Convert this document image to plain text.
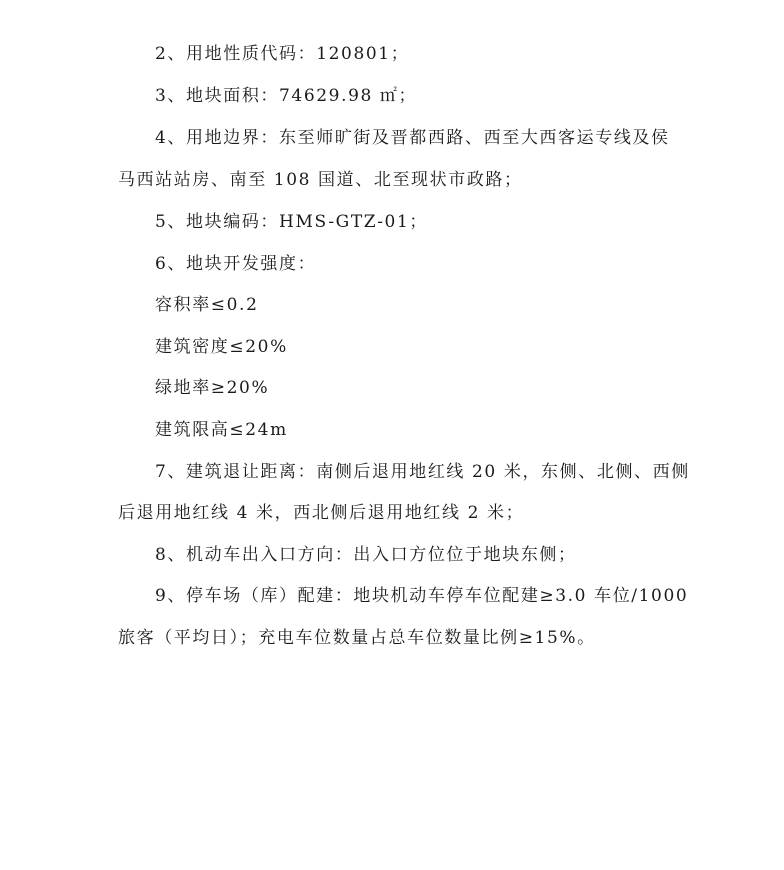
2、用地性质代码：120801；
3、地块面积：74629.98 ㎡；
4、用地边界：东至师旷街及晋都西路、西至大西客运专线及侯
马西站站房、南至 108 国道、北至现状市政路；
5、地块编码：HMS-GTZ-01；
6、地块开发强度：
容积率≤0.2
建筑密度≤20%
绿地率≥20%
建筑限高≤24m
7、建筑退让距离：南侧后退用地红线 20 米，东侧、北侧、西侧
后退用地红线 4 米，西北侧后退用地红线 2 米；
8、机动车出入口方向：出入口方位位于地块东侧；
9、停车场（库）配建：地块机动车停车位配建≥3.0 车位/1000
旅客（平均日）；充电车位数量占总车位数量比例≥15%。
